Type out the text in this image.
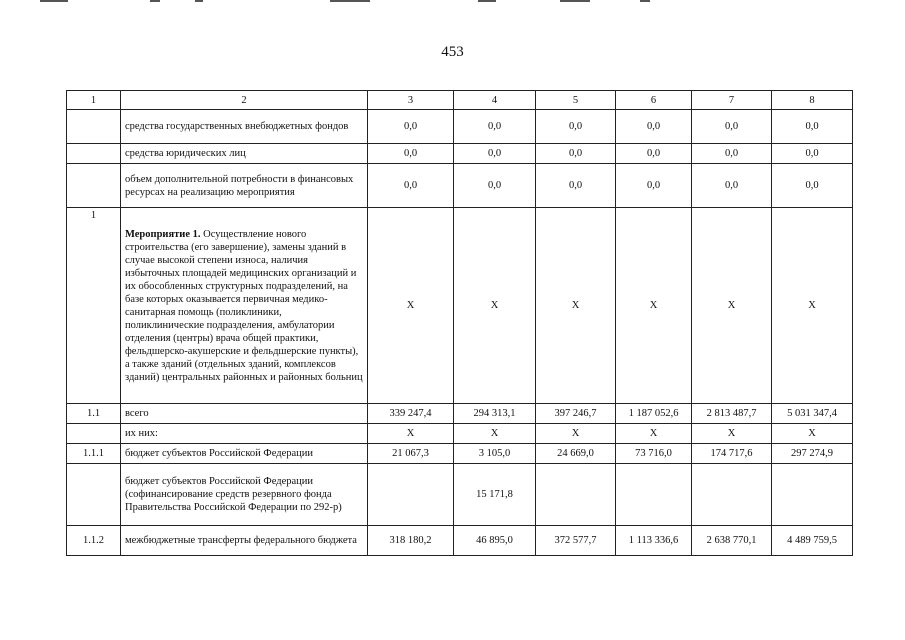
453
1	2	3	4	5	6	7	8
	средства государственных внебюджетных фондов	0,0	0,0	0,0	0,0	0,0	0,0
	средства юридических лиц	0,0	0,0	0,0	0,0	0,0	0,0
	объем дополнительной потребности в финансовых ресурсах на реализацию мероприятия	0,0	0,0	0,0	0,0	0,0	0,0
1	Мероприятие 1. Осуществление нового строительства (его завершение), замены зданий в случае высокой степени износа, наличия избыточных площадей медицинских организаций и их обособленных структурных подразделений, на базе которых оказывается первичная медико-санитарная помощь (поликлиники, поликлинические подразделения, амбулатории отделения (центры) врача общей практики, фельдшерско-акушерские и фельдшерские пункты), а также зданий (отдельных зданий, комплексов зданий) центральных районных и районных больниц	Х	Х	Х	Х	Х	Х
1.1	всего	339 247,4	294 313,1	397 246,7	1 187 052,6	2 813 487,7	5 031 347,4
	их них:	Х	Х	Х	Х	Х	Х
1.1.1	бюджет субъектов Российской Федерации	21 067,3	3 105,0	24 669,0	73 716,0	174 717,6	297 274,9
	бюджет субъектов Российской Федерации (софинансирование средств резервного фонда Правительства Российской Федерации по 292-р)		15 171,8				
1.1.2	межбюджетные трансферты федерального бюджета	318 180,2	46 895,0	372 577,7	1 113 336,6	2 638 770,1	4 489 759,5
